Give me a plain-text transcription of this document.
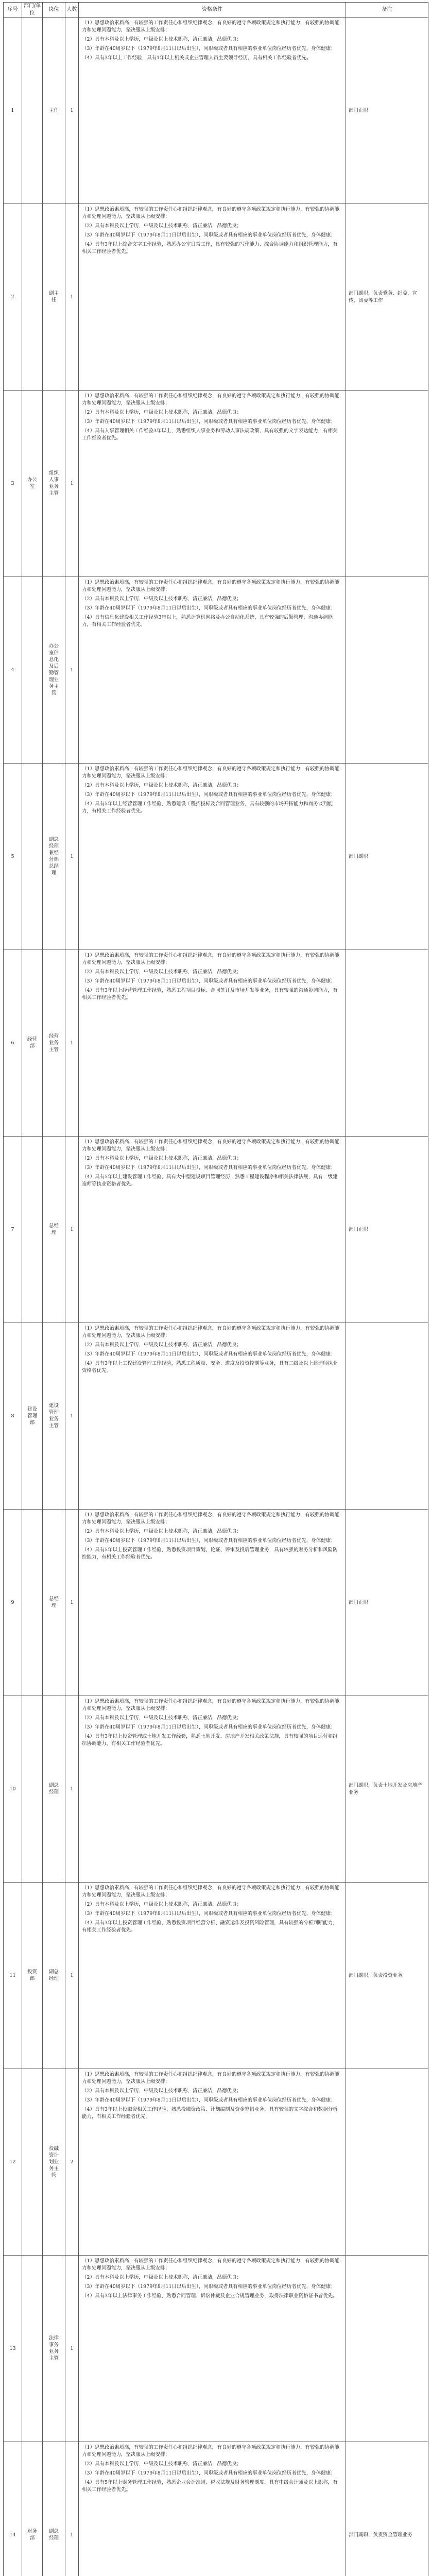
序号	部门/单位	岗位	人数	资格条件	备注
1		主任	1	（1）思想政治素质高，有较强的工作责任心和组织纪律观念，有良好的遵守各项政策规定和执行能力，有较强的协调能力和处理问题能力，坚决服从上级安排；

（2）具有本科及以上学历，中级及以上技术职称，清正廉洁，品德优良；

（3）年龄在40周岁以下（1979年8月11日以后出生），同职级或者具有相应的事业单位岗位经历者优先，身体健康；

（4）具有3年以上工作经验，具有1年以上机关或企业管理人员主要领导经历，具有相关工作经验者优先。	部门正职
2		副主任	1	（1）思想政治素质高，有较强的工作责任心和组织纪律观念，有良好的遵守各项政策规定和执行能力，有较强的协调能力和处理问题能力，坚决服从上级安排；

（2）具有本科及以上学历，中级及以上技术职称，清正廉洁，品德优良；

（3）年龄在40周岁以下（1979年8月11日以后出生），同职级或者具有相应的事业单位岗位经历者优先，身体健康；

（4）具有3年以上综合文字工作经验，熟悉办公室日常工作，具有较强的写作能力、综合协调能力和组织管理能力，有相关工作经验者优先。	部门副职，负责党务、纪委、宣传、团委等工作
3	办公室	组织人事业务主管	1	（1）思想政治素质高，有较强的工作责任心和组织纪律观念，有良好的遵守各项政策规定和执行能力，有较强的协调能力和处理问题能力，坚决服从上级安排；

（2）具有本科及以上学历，中级及以上技术职称，清正廉洁，品德优良；

（3）年龄在40周岁以下（1979年8月11日以后出生），同职级或者具有相应的事业单位岗位经历者优先，身体健康；

（4）具有人事管理相关工作经验3年以上，熟悉组织人事业务和劳动人事法规政策，具有较强的文字表达能力，有相关工作经验者优先。	

4		办公室信息化及后勤管理业务主管	1	（1）思想政治素质高，有较强的工作责任心和组织纪律观念，有良好的遵守各项政策规定和执行能力，有较强的协调能力和处理问题能力，坚决服从上级安排；

（2）具有本科及以上学历，中级及以上技术职称，清正廉洁，品德优良；

（3）年龄在40周岁以下（1979年8月11日以后出生），同职级或者具有相应的事业单位岗位经历者优先，身体健康；

（4）具有信息化建设相关工作经验3年以上，熟悉计算机网络及办公自动化系统，具有较强的后勤管理、沟通协调能力，有相关工作经验者优先。	

5		副总经理兼经营部总经理	1	（1）思想政治素质高，有较强的工作责任心和组织纪律观念，有良好的遵守各项政策规定和执行能力，有较强的协调能力和处理问题能力，坚决服从上级安排；

（2）具有本科及以上学历，中级及以上技术职称，清正廉洁，品德优良；

（3）年龄在40周岁以下（1979年8月11日以后出生），同职级或者具有相应的事业单位岗位经历者优先，身体健康；

（4）具有5年以上经营管理工作经验，熟悉建设工程招投标及合同管理业务，具有较强的市场开拓能力和商务谈判能力，有相关工作经验者优先。	部门副职
6	经营部	经营业务主管	1	（1）思想政治素质高，有较强的工作责任心和组织纪律观念，有良好的遵守各项政策规定和执行能力，有较强的协调能力和处理问题能力，坚决服从上级安排；

（2）具有本科及以上学历，中级及以上技术职称，清正廉洁，品德优良；

（3）年龄在40周岁以下（1979年8月11日以后出生），同职级或者具有相应的事业单位岗位经历者优先，身体健康；

（4）具有3年以上经营管理工作经验，熟悉工程项目投标、合同签订及市场开发等业务，具有较强的沟通协调能力，有相关工作经验者优先。	

7		总经理	1	（1）思想政治素质高，有较强的工作责任心和组织纪律观念，有良好的遵守各项政策规定和执行能力，有较强的协调能力和处理问题能力，坚决服从上级安排；

（2）具有本科及以上学历，中级及以上技术职称，清正廉洁，品德优良；

（3）年龄在40周岁以下（1979年8月11日以后出生），同职级或者具有相应的事业单位岗位经历者优先，身体健康；

（4）具有5年以上建设管理工作经验，具有大中型建设项目管理经历，熟悉工程建设程序和相关法律法规，具有一级建造师等执业资格者优先。	部门正职
8	建设管理部	建设管理业务主管	1	（1）思想政治素质高，有较强的工作责任心和组织纪律观念，有良好的遵守各项政策规定和执行能力，有较强的协调能力和处理问题能力，坚决服从上级安排；

（2）具有本科及以上学历，中级及以上技术职称，清正廉洁，品德优良；

（3）年龄在40周岁以下（1979年8月11日以后出生），同职级或者具有相应的事业单位岗位经历者优先，身体健康；

（4）具有3年以上工程建设管理工作经验，熟悉工程质量、安全、进度及投资控制等业务，具有二级及以上建造师执业资格者优先。	

9		总经理	1	（1）思想政治素质高，有较强的工作责任心和组织纪律观念，有良好的遵守各项政策规定和执行能力，有较强的协调能力和处理问题能力，坚决服从上级安排；

（2）具有本科及以上学历，中级及以上技术职称，清正廉洁，品德优良；

（3）年龄在40周岁以下（1979年8月11日以后出生），同职级或者具有相应的事业单位岗位经历者优先，身体健康；

（4）具有5年以上投资管理工作经验，熟悉投资项目策划、论证、评审及投后管理业务，具有较强的财务分析和风险防控能力，有相关工作经验者优先。	部门正职
10		副总经理	1	（1）思想政治素质高，有较强的工作责任心和组织纪律观念，有良好的遵守各项政策规定和执行能力，有较强的协调能力和处理问题能力，坚决服从上级安排；

（2）具有本科及以上学历，中级及以上技术职称，清正廉洁，品德优良；

（3）年龄在40周岁以下（1979年8月11日以后出生），同职级或者具有相应的事业单位岗位经历者优先，身体健康；

（4）具有3年以上投资管理或土地开发工作经验，熟悉土地开发、房地产开发相关政策法规，具有较强的项目运营和组织协调能力，有相关工作经验者优先。	部门副职，负责土地开发及房地产业务
11	投资部	副总经理	1	（1）思想政治素质高，有较强的工作责任心和组织纪律观念，有良好的遵守各项政策规定和执行能力，有较强的协调能力和处理问题能力，坚决服从上级安排；

（2）具有本科及以上学历，中级及以上技术职称，清正廉洁，品德优良；

（3）年龄在40周岁以下（1979年8月11日以后出生），同职级或者具有相应的事业单位岗位经历者优先，身体健康；

（4）具有3年以上投资管理工作经验，熟悉投资项目经营分析、融资运作及投资风险管理，具有较强的分析判断能力，有相关工作经验者优先。	部门副职，负责投资业务
12		投融资计划业务主管	2	（1）思想政治素质高，有较强的工作责任心和组织纪律观念，有良好的遵守各项政策规定和执行能力，有较强的协调能力和处理问题能力，坚决服从上级安排；

（2）具有本科及以上学历，中级及以上技术职称，清正廉洁，品德优良；

（3）年龄在40周岁以下（1979年8月11日以后出生），同职级或者具有相应的事业单位岗位经历者优先，身体健康；

（4）具有3年以上投融资相关工作经验，熟悉投融资政策、计划编制及资金筹措业务，具有较强的文字综合和数据分析能力，有相关工作经验者优先。	

13		法律事务业务主管	1	（1）思想政治素质高，有较强的工作责任心和组织纪律观念，有良好的遵守各项政策规定和执行能力，有较强的协调能力和处理问题能力，坚决服从上级安排；

（2）具有本科及以上学历，中级及以上技术职称，清正廉洁，品德优良；

（3）年龄在40周岁以下（1979年8月11日以后出生），同职级或者具有相应的事业单位岗位经历者优先，身体健康；

（4）具有3年以上法律事务工作经验，熟悉合同管理、诉讼仲裁及企业合规管理业务，取得法律职业资格证书者优先。	

14	财务部	副总经理	1	（1）思想政治素质高，有较强的工作责任心和组织纪律观念，有良好的遵守各项政策规定和执行能力，有较强的协调能力和处理问题能力，坚决服从上级安排；

（2）具有本科及以上学历，中级及以上技术职称，清正廉洁，品德优良；

（3）年龄在40周岁以下（1979年8月11日以后出生），同职级或者具有相应的事业单位岗位经历者优先，身体健康；

（4）具有5年以上财务管理工作经验，熟悉企业会计准则、税收法规及财务管理制度，具有中级会计师及以上职称，有相关工作经验者优先。	部门副职，负责资金管理业务
